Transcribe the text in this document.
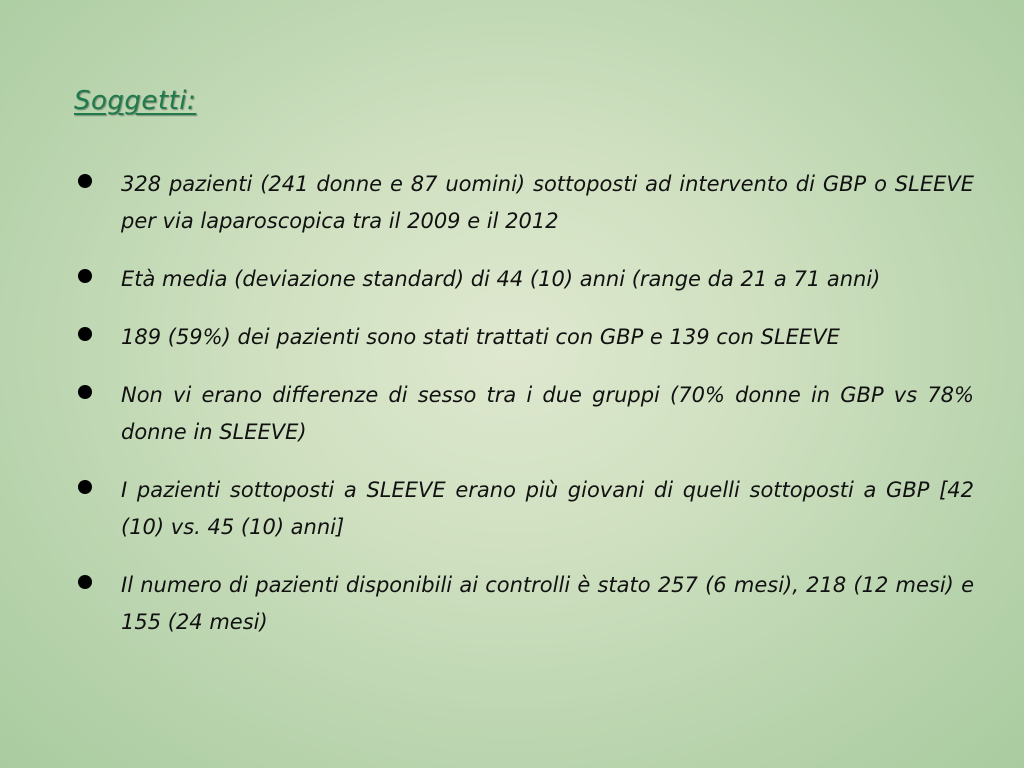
Soggetti:
328 pazienti (241 donne e 87 uomini) sottoposti ad intervento di GBP o SLEEVE per via laparoscopica tra il 2009 e il 2012
Età media (deviazione standard) di 44 (10) anni (range da 21 a 71 anni)
189 (59%) dei pazienti sono stati trattati con GBP e 139 con SLEEVE
Non vi erano differenze di sesso tra i due gruppi (70% donne in GBP vs 78% donne in SLEEVE)
I pazienti sottoposti a SLEEVE erano più giovani di quelli sottoposti a GBP [42 (10) vs. 45 (10) anni]
Il numero di pazienti disponibili ai controlli è stato 257 (6 mesi), 218 (12 mesi) e 155 (24 mesi)
